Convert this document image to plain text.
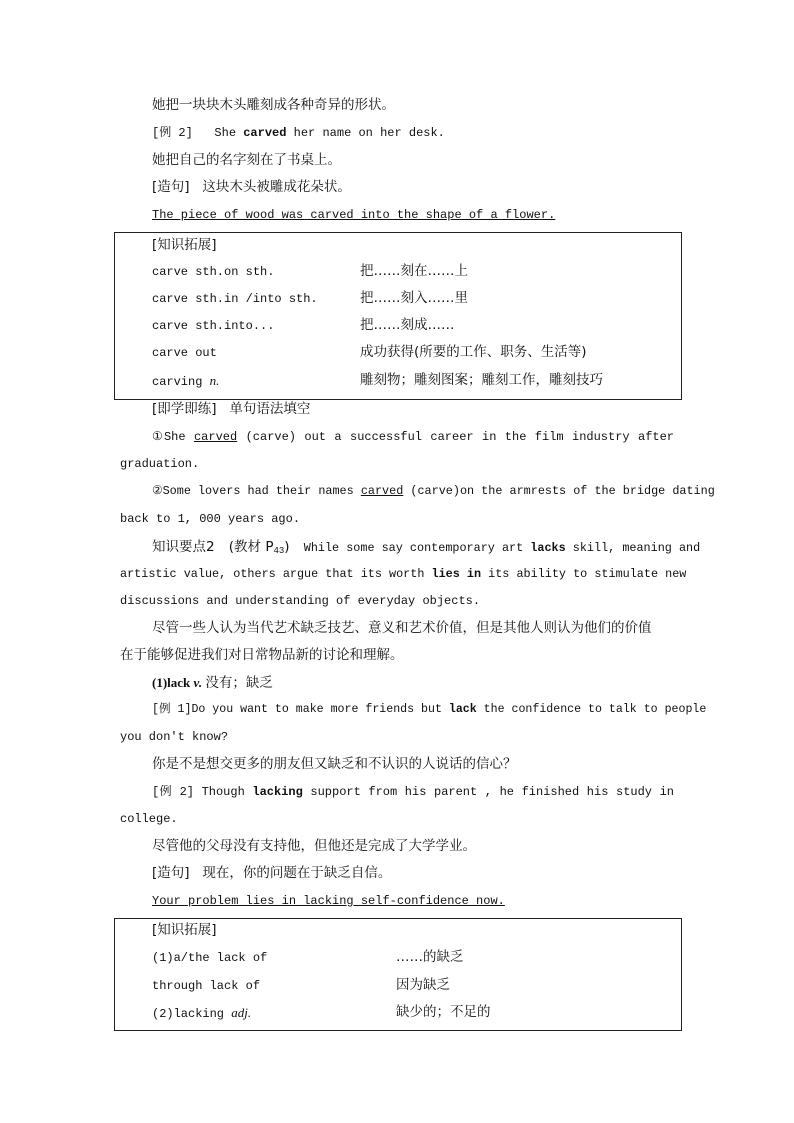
她把一块块木头雕刻成各种奇异的形状。
[例 2] She carved her name on her desk.
她把自己的名字刻在了书桌上。
[造句] 这块木头被雕成花朵状。
The piece of wood was carved into the shape of a flower.
[知识拓展]
carve sth.on sth.	把……刻在……上
carve sth.in /into sth.	把……刻入……里
carve sth.into...	把……刻成……
carve out	成功获得(所要的工作、职务、生活等)
carving n.	雕刻物；雕刻图案；雕刻工作，雕刻技巧
[即学即练] 单句语法填空
①She carved (carve) out a successful career in the film industry after
graduation.
②Some lovers had their names carved (carve)on the armrests of the bridge dating
back to 1, 000 years ago.
知识要点2 (教材 $P_{43}$) While some say contemporary art lacks skill, meaning and
artistic value, others argue that its worth lies in its ability to stimulate new
discussions and understanding of everyday objects.
尽管一些人认为当代艺术缺乏技艺、意义和艺术价值，但是其他人则认为他们的价值
在于能够促进我们对日常物品新的讨论和理解。
(1)lack v. 没有；缺乏
[例 1]Do you want to make more friends but lack the confidence to talk to people
you don't know?
你是不是想交更多的朋友但又缺乏和不认识的人说话的信心？
[例 2] Though lacking support from his parent , he finished his study in
college.
尽管他的父母没有支持他，但他还是完成了大学学业。
[造句] 现在，你的问题在于缺乏自信。
Your problem lies in lacking self-confidence now.
[知识拓展]
(1)a/the lack of	……的缺乏
through lack of	因为缺乏
(2)lacking adj.	缺少的；不足的
